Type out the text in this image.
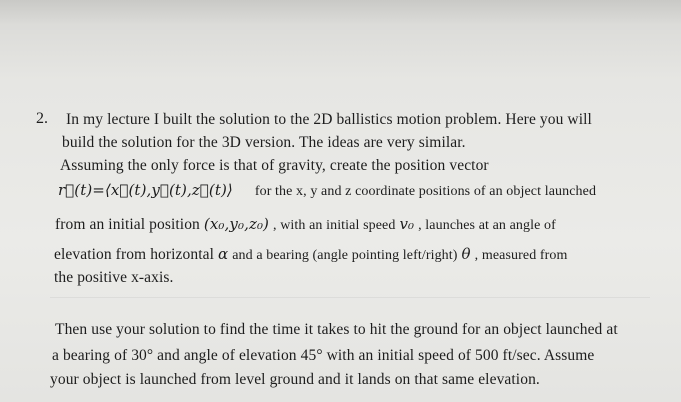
2. In my lecture I built the solution to the 2D ballistics motion problem. Here you will
build the solution for the 3D version. The ideas are very similar.
Assuming the only force is that of gravity, create the position vector
r⃗(t)=⟨x⃗(t),y⃗(t),z⃗(t)⟩ for the x, y and z coordinate positions of an object launched
from an initial position (x₀,y₀,z₀) , with an initial speed v₀ , launches at an angle of
elevation from horizontal α and a bearing (angle pointing left/right) θ , measured from
the positive x-axis.
Then use your solution to find the time it takes to hit the ground for an object launched at
a bearing of 30° and angle of elevation 45° with an initial speed of 500 ft/sec. Assume
your object is launched from level ground and it lands on that same elevation.
